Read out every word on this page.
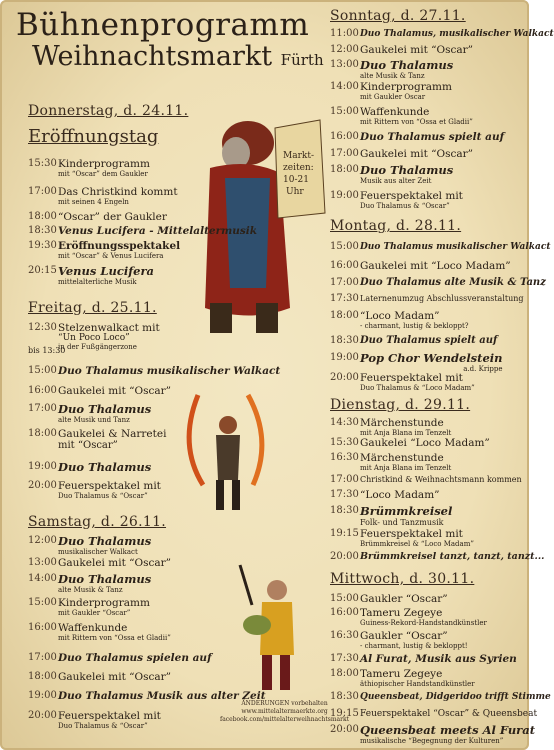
Bühnenprogramm
Weihnachtsmarkt Fürth
Markt-
zeiten:
10-21
Uhr
Donnerstag, d. 24.11.
Eröffnungstag
15:30Kinderprogramm
mit “Oscar” dem Gaukler
17:00Das Christkind kommt
mit seinen 4 Engeln
18:00“Oscar” der Gaukler
18:30Venus Lucifera - Mittelaltermusik
19:30Eröffnungsspektakel
mit “Oscar” & Venus Lucifera
20:15Venus Lucifera
mittelalterliche Musik
Freitag, d. 25.11.
12:30Stelzenwalkact mit
“Un Poco Loco”
in der Fußgängerzone
bis 13:30
15:00Duo Thalamus musikalischer Walkact
16:00Gaukelei mit “Oscar”
17:00Duo Thalamus
alte Musik und Tanz
18:00Gaukelei & Narretei
mit “Oscar”
19:00Duo Thalamus
20:00Feuerspektakel mit
Duo Thalamus & “Oscar”
Samstag, d. 26.11.
12:00Duo Thalamus
musikalischer Walkact
13:00Gaukelei mit “Oscar”
14:00Duo Thalamus
alte Musik & Tanz
15:00Kinderprogramm
mit Gaukler “Oscar”
16:00Waffenkunde
mit Rittern von “Ossa et Gladii”
17:00Duo Thalamus spielen auf
18:00Gaukelei mit “Oscar”
19:00Duo Thalamus Musik aus alter Zeit
20:00Feuerspektakel mit
Duo Thalamus & “Oscar”
Sonntag, d. 27.11.
11:00Duo Thalamus, musikalischer Walkact
12:00Gaukelei mit “Oscar”
13:00Duo Thalamus
alte Musik & Tanz
14:00Kinderprogramm
mit Gaukler Oscar
15:00Waffenkunde
mit Rittern von “Ossa et Gladii”
16:00Duo Thalamus spielt auf
17:00Gaukelei mit “Oscar”
18:00Duo Thalamus
Musik aus alter Zeit
19:00Feuerspektakel mit
Duo Thalamus & “Oscar”
Montag, d. 28.11.
15:00Duo Thalamus musikalischer Walkact
16:00Gaukelei mit “Loco Madam”
17:00Duo Thalamus alte Musik & Tanz
17:30Laternenumzug Abschlussveranstaltung
18:00“Loco Madam”
- charmant, lustig & bekloppt?
18:30Duo Thalamus spielt auf
19:00Pop Chor Wendelstein
a.d. Krippe
20:00Feuerspektakel mit
Duo Thalamus & “Loco Madam”
Dienstag, d. 29.11.
14:30Märchenstunde
mit Anja Blana im Tenzelt
15:30Gaukelei “Loco Madam”
16:30Märchenstunde
mit Anja Blana im Tenzelt
17:00Christkind & Weihnachtsmann kommen
17:30“Loco Madam”
18:30Brümmkreisel
Folk- und Tanzmusik
19:15Feuerspektakel mit
Brümmkreisel & “Loco Madam”
20:00Brümmkreisel tanzt, tanzt, tanzt...
Mittwoch, d. 30.11.
15:00Gaukler “Oscar”
16:00Tameru Zegeye
Guiness-Rekord-Handstandkünstler
16:30Gaukler “Oscar”
- charmant, lustig & bekloppt!
17:30Al Furat, Musik aus Syrien
18:00Tameru Zegeye
äthiopischer Handstandkünstler
18:30Queensbeat, Didgeridoo trifft Stimme
19:15Feuerspektakel “Oscar” & Queensbeat
20:00Queensbeat meets Al Furat
musikalische “Begegnung der Kulturen”
ÄNDERUNGEN vorbehalten
www.mittelaltermaerkte.org
facebook.com/mittelalterweihnachtsmarkt
